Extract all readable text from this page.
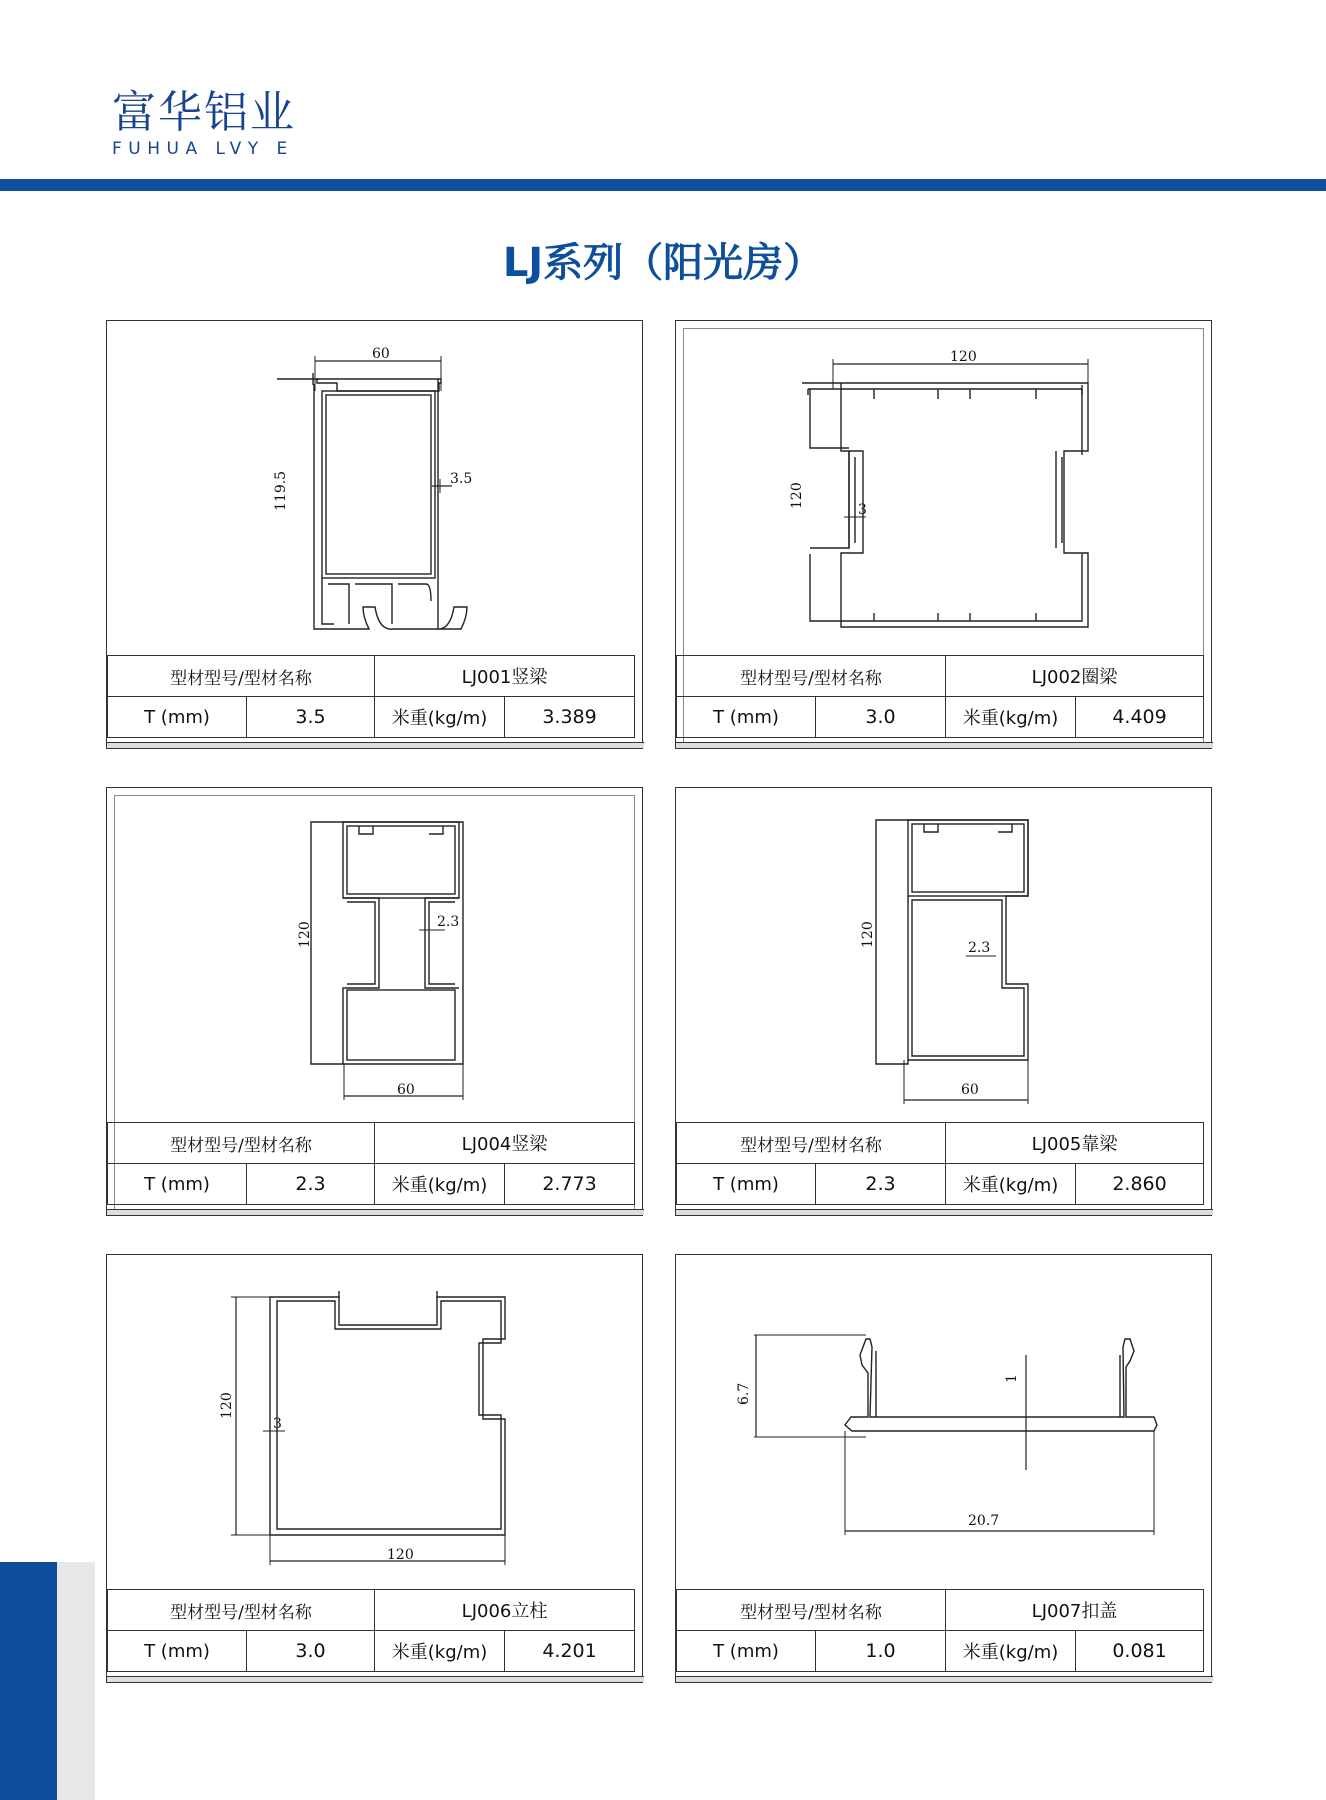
富华铝业
FUHUA LVY E
LJ系列（阳光房）
60
119.5	3.5
型材型号/型材名称		LJ001竖梁	
T (mm)	3.5	米重(kg/m)	3.389
120
120
3
型材型号/型材名称		LJ002圈梁	
T (mm)	3.0	米重(kg/m)	4.409
60
120	2.3
型材型号/型材名称		LJ004竖梁	
T (mm)	2.3	米重(kg/m)	2.773
60
120	2.3
型材型号/型材名称		LJ005靠梁	
T (mm)	2.3	米重(kg/m)	2.860
120
120
3
型材型号/型材名称		LJ006立柱	
T (mm)	3.0	米重(kg/m)	4.201
20.7
6.7
1
型材型号/型材名称		LJ007扣盖	
T (mm)	1.0	米重(kg/m)	0.081
